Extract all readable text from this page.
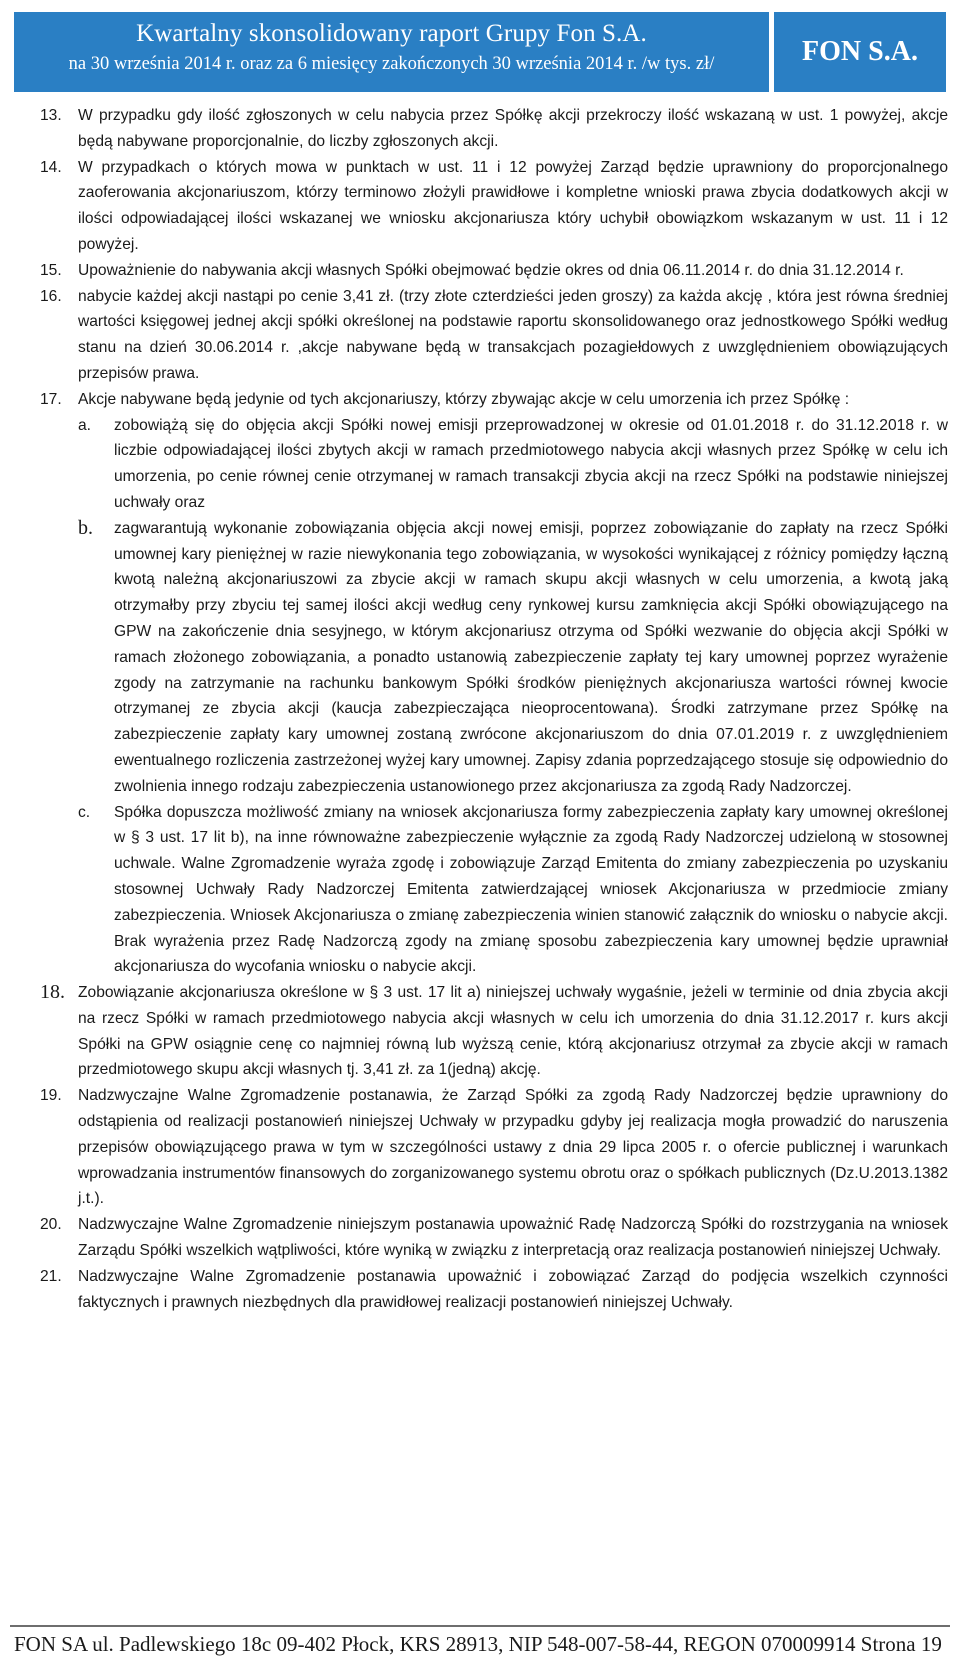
Kwartalny skonsolidowany raport Grupy Fon S.A.
na 30 września 2014 r. oraz za 6 miesięcy zakończonych 30 września 2014 r. /w tys. zł/	FON S.A.
13.	W przypadku gdy ilość zgłoszonych w celu nabycia przez Spółkę akcji przekroczy ilość wskazaną w ust. 1 powyżej, akcje będą nabywane proporcjonalnie, do liczby zgłoszonych akcji.
14.	W przypadkach o których mowa w punktach w ust. 11 i 12 powyżej Zarząd będzie uprawniony do proporcjonalnego zaoferowania akcjonariuszom, którzy terminowo złożyli prawidłowe i kompletne wnioski prawa zbycia dodatkowych akcji w ilości odpowiadającej ilości wskazanej we wniosku akcjonariusza który uchybił obowiązkom wskazanym w ust. 11 i 12 powyżej.
15.	Upoważnienie do nabywania akcji własnych Spółki obejmować będzie okres od dnia 06.11.2014 r. do dnia 31.12.2014 r.
16.	nabycie każdej akcji nastąpi po cenie 3,41 zł. (trzy złote czterdzieści jeden groszy) za każda akcję , która jest równa średniej wartości księgowej jednej akcji spółki określonej na podstawie raportu skonsolidowanego oraz jednostkowego Spółki według stanu na dzień 30.06.2014 r. ,akcje nabywane będą w transakcjach pozagiełdowych z uwzględnieniem obowiązujących przepisów prawa.
17.	Akcje nabywane będą jedynie od tych akcjonariuszy, którzy zbywając akcje w celu umorzenia ich przez Spółkę :
a.	zobowiążą się do objęcia akcji Spółki nowej emisji przeprowadzonej w okresie od 01.01.2018 r. do 31.12.2018 r. w liczbie odpowiadającej ilości zbytych akcji w ramach przedmiotowego nabycia akcji własnych przez Spółkę w celu ich umorzenia, po cenie równej cenie otrzymanej w ramach transakcji zbycia akcji na rzecz Spółki na podstawie niniejszej uchwały oraz
b.	zagwarantują wykonanie zobowiązania objęcia akcji nowej emisji, poprzez zobowiązanie do zapłaty na rzecz Spółki umownej kary pieniężnej w razie niewykonania tego zobowiązania, w wysokości wynikającej z różnicy pomiędzy łączną kwotą należną akcjonariuszowi za zbycie akcji w ramach skupu akcji własnych w celu umorzenia, a kwotą jaką otrzymałby przy zbyciu tej samej ilości akcji według ceny rynkowej kursu zamknięcia akcji Spółki obowiązującego na GPW na zakończenie dnia sesyjnego, w którym akcjonariusz otrzyma od Spółki wezwanie do objęcia akcji Spółki w ramach złożonego zobowiązania, a ponadto ustanowią zabezpieczenie zapłaty tej kary umownej poprzez wyrażenie zgody na zatrzymanie na rachunku bankowym Spółki środków pieniężnych akcjonariusza wartości równej kwocie otrzymanej ze zbycia akcji (kaucja zabezpieczająca nieoprocentowana). Środki zatrzymane przez Spółkę na zabezpieczenie zapłaty kary umownej zostaną zwrócone akcjonariuszom do dnia 07.01.2019 r. z uwzględnieniem ewentualnego rozliczenia zastrzeżonej wyżej kary umownej. Zapisy zdania poprzedzającego stosuje się odpowiednio do zwolnienia innego rodzaju zabezpieczenia ustanowionego przez akcjonariusza za zgodą Rady Nadzorczej.
c.	Spółka dopuszcza możliwość zmiany na wniosek akcjonariusza formy zabezpieczenia zapłaty kary umownej określonej w § 3 ust. 17 lit b), na inne równoważne zabezpieczenie wyłącznie za zgodą Rady Nadzorczej udzieloną w stosownej uchwale. Walne Zgromadzenie wyraża zgodę i zobowiązuje Zarząd Emitenta do zmiany zabezpieczenia po uzyskaniu stosownej Uchwały Rady Nadzorczej Emitenta zatwierdzającej wniosek Akcjonariusza w przedmiocie zmiany zabezpieczenia. Wniosek Akcjonariusza o zmianę zabezpieczenia winien stanowić załącznik do wniosku o nabycie akcji. Brak wyrażenia przez Radę Nadzorczą zgody na zmianę sposobu zabezpieczenia kary umownej będzie uprawniał akcjonariusza do wycofania wniosku o nabycie akcji.
18. Zobowiązanie akcjonariusza określone w § 3 ust. 17 lit a) niniejszej uchwały wygaśnie, jeżeli w terminie od dnia zbycia akcji na rzecz Spółki w ramach przedmiotowego nabycia akcji własnych w celu ich umorzenia do dnia 31.12.2017 r. kurs akcji Spółki na GPW osiągnie cenę co najmniej równą lub wyższą cenie, którą akcjonariusz otrzymał za zbycie akcji w ramach przedmiotowego skupu akcji własnych tj. 3,41 zł. za 1(jedną) akcję.
19.	Nadzwyczajne Walne Zgromadzenie postanawia, że Zarząd Spółki za zgodą Rady Nadzorczej będzie uprawniony do odstąpienia od realizacji postanowień niniejszej Uchwały w przypadku gdyby jej realizacja mogła prowadzić do naruszenia przepisów obowiązującego prawa w tym w szczególności ustawy z dnia 29 lipca 2005 r. o ofercie publicznej i warunkach wprowadzania instrumentów finansowych do zorganizowanego systemu obrotu oraz o spółkach publicznych (Dz.U.2013.1382 j.t.).
20.	Nadzwyczajne Walne Zgromadzenie niniejszym postanawia upoważnić Radę Nadzorczą Spółki do rozstrzygania na wniosek Zarządu Spółki wszelkich wątpliwości, które wyniką w związku z interpretacją oraz realizacja postanowień niniejszej Uchwały.
21.	Nadzwyczajne Walne Zgromadzenie postanawia upoważnić i zobowiązać Zarząd do podjęcia wszelkich czynności faktycznych i prawnych niezbędnych dla prawidłowej realizacji postanowień niniejszej Uchwały.
FON SA ul. Padlewskiego 18c 09-402 Płock, KRS 28913, NIP 548-007-58-44, REGON 070009914 Strona 19
